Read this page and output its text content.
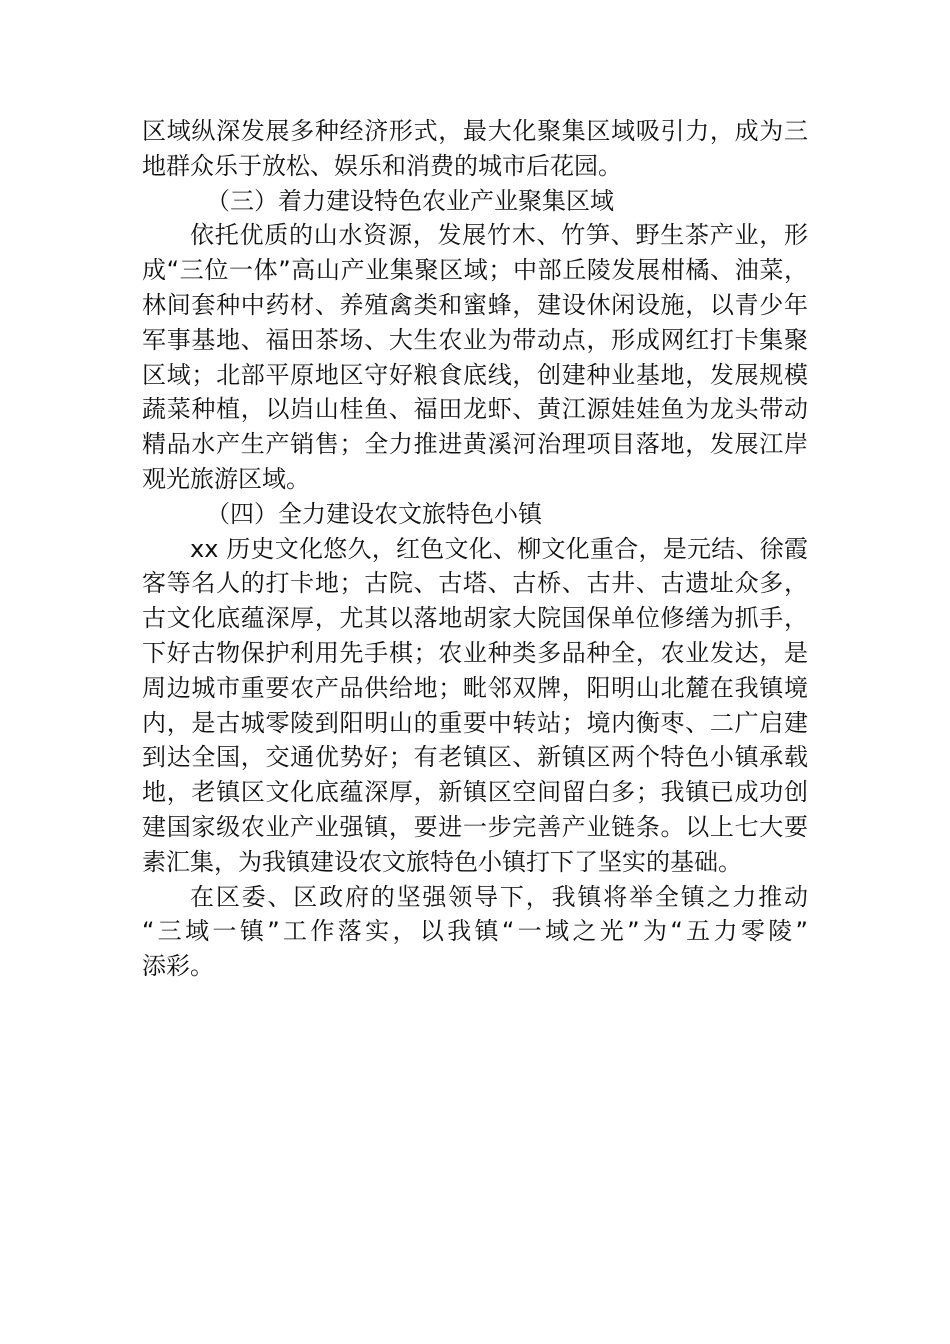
区域纵深发展多种经济形式，最大化聚集区域吸引力，成为三
地群众乐于放松、娱乐和消费的城市后花园。
（三）着力建设特色农业产业聚集区域
依托优质的山水资源，发展竹木、竹笋、野生茶产业，形
成“三位一体”高山产业集聚区域；中部丘陵发展柑橘、油菜，
林间套种中药材、养殖禽类和蜜蜂，建设休闲设施，以青少年
军事基地、福田茶场、大生农业为带动点，形成网红打卡集聚
区域；北部平原地区守好粮食底线，创建种业基地，发展规模
蔬菜种植，以岿山桂鱼、福田龙虾、黄江源娃娃鱼为龙头带动
精品水产生产销售；全力推进黄溪河治理项目落地，发展江岸
观光旅游区域。
（四）全力建设农文旅特色小镇
xx 历史文化悠久，红色文化、柳文化重合，是元结、徐霞
客等名人的打卡地；古院、古塔、古桥、古井、古遗址众多，
古文化底蕴深厚，尤其以落地胡家大院国保单位修缮为抓手，
下好古物保护利用先手棋；农业种类多品种全，农业发达，是
周边城市重要农产品供给地；毗邻双牌，阳明山北麓在我镇境
内，是古城零陵到阳明山的重要中转站；境内衡枣、二广启建
到达全国，交通优势好；有老镇区、新镇区两个特色小镇承载
地，老镇区文化底蕴深厚，新镇区空间留白多；我镇已成功创
建国家级农业产业强镇，要进一步完善产业链条。以上七大要
素汇集，为我镇建设农文旅特色小镇打下了坚实的基础。
在区委、区政府的坚强领导下，我镇将举全镇之力推动
“三域一镇”工作落实，以我镇“一域之光”为“五力零陵”
添彩。
